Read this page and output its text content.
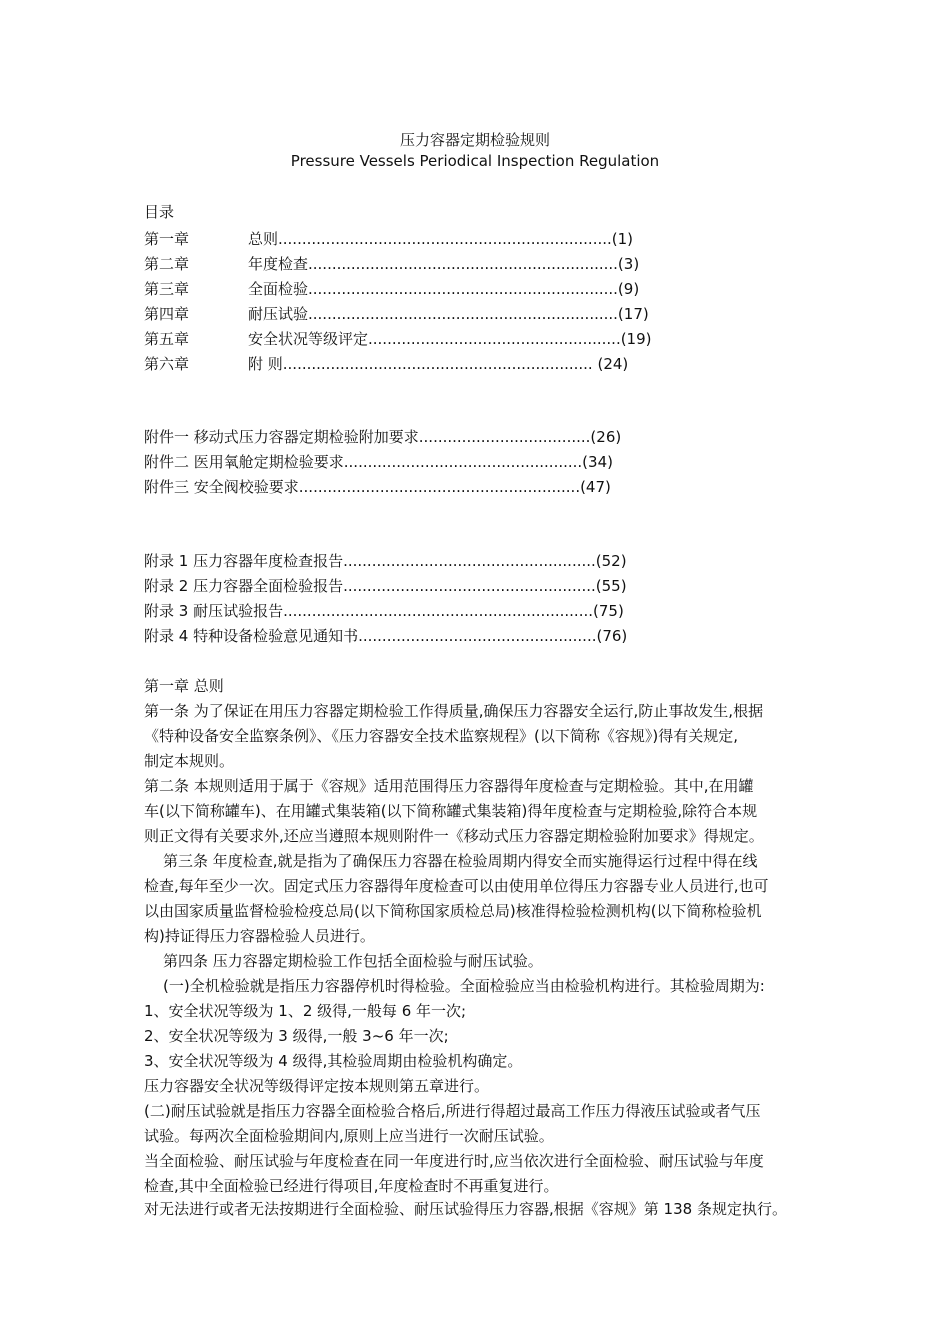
压力容器定期检验规则
Pressure Vessels Periodical Inspection Regulation
目录
第一章	总则......................................................................(1)
第二章	年度检查.................................................................(3)
第三章	全面检验.................................................................(9)
第四章	耐压试验.................................................................(17)
第五章	安全状况等级评定.....................................................(19)
第六章	附 则................................................................. (24)
附件一 移动式压力容器定期检验附加要求....................................(26)
附件二 医用氧舱定期检验要求..................................................(34)
附件三 安全阀校验要求...........................................................(47)
附录 1 压力容器年度检查报告.....................................................(52)
附录 2 压力容器全面检验报告.....................................................(55)
附录 3 耐压试验报告.................................................................(75)
附录 4 特种设备检验意见通知书..................................................(76)
第一章 总则
第一条 为了保证在用压力容器定期检验工作得质量,确保压力容器安全运行,防止事故发生,根据
《特种设备安全监察条例》、《压力容器安全技术监察规程》(以下简称《容规》)得有关规定,
制定本规则。
第二条 本规则适用于属于《容规》适用范围得压力容器得年度检查与定期检验。其中,在用罐
车(以下简称罐车)、在用罐式集装箱(以下简称罐式集装箱)得年度检查与定期检验,除符合本规
则正文得有关要求外,还应当遵照本规则附件一《移动式压力容器定期检验附加要求》得规定。
第三条 年度检查,就是指为了确保压力容器在检验周期内得安全而实施得运行过程中得在线
检查,每年至少一次。固定式压力容器得年度检查可以由使用单位得压力容器专业人员进行,也可
以由国家质量监督检验检疫总局(以下简称国家质检总局)核准得检验检测机构(以下简称检验机
构)持证得压力容器检验人员进行。
第四条 压力容器定期检验工作包括全面检验与耐压试验。
(一)全机检验就是指压力容器停机时得检验。全面检验应当由检验机构进行。其检验周期为:
1、安全状况等级为 1、2 级得,一般每 6 年一次;
2、安全状况等级为 3 级得,一般 3~6 年一次;
3、安全状况等级为 4 级得,其检验周期由检验机构确定。
压力容器安全状况等级得评定按本规则第五章进行。
(二)耐压试验就是指压力容器全面检验合格后,所进行得超过最高工作压力得液压试验或者气压
试验。每两次全面检验期间内,原则上应当进行一次耐压试验。
当全面检验、耐压试验与年度检查在同一年度进行时,应当依次进行全面检验、耐压试验与年度
检查,其中全面检验已经进行得项目,年度检查时不再重复进行。
对无法进行或者无法按期进行全面检验、耐压试验得压力容器,根据《容规》第 138 条规定执行。
